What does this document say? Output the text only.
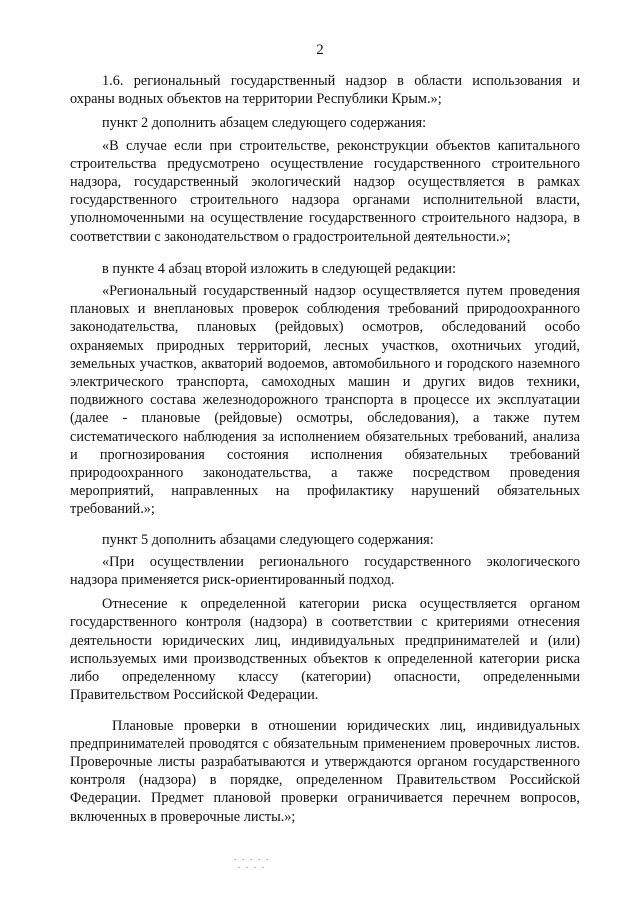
2

1.6. региональный государственный надзор в области использования и охраны водных объектов на территории Республики Крым.»;

пункт 2 дополнить абзацем следующего содержания:

«В случае если при строительстве, реконструкции объектов капитального строительства предусмотрено осуществление государственного строительного надзора, государственный экологический надзор осуществляется в рамках государственного строительного надзора органами исполнительной власти, уполномоченными на осуществление государственного строительного надзора, в соответствии с законодательством о градостроительной деятельности.»;

в пункте 4 абзац второй изложить в следующей редакции:

«Региональный государственный надзор осуществляется путем проведения плановых и внеплановых проверок соблюдения требований природоохранного законодательства, плановых (рейдовых) осмотров, обследований особо охраняемых природных территорий, лесных участков, охотничьих угодий, земельных участков, акваторий водоемов, автомобильного и городского наземного электрического транспорта, самоходных машин и других видов техники, подвижного состава железнодорожного транспорта в процессе их эксплуатации (далее - плановые (рейдовые) осмотры, обследования), а также путем систематического наблюдения за исполнением обязательных требований, анализа и прогнозирования состояния исполнения обязательных требований природоохранного законодательства, а также посредством проведения мероприятий, направленных на профилактику нарушений обязательных требований.»;

пункт 5 дополнить абзацами следующего содержания:

«При осуществлении регионального государственного экологического надзора применяется риск-ориентированный подход.

Отнесение к определенной категории риска осуществляется органом государственного контроля (надзора) в соответствии с критериями отнесения деятельности юридических лиц, индивидуальных предпринимателей и (или) используемых ими производственных объектов к определенной категории риска либо определенному классу (категории) опасности, определенными Правительством Российской Федерации.

Плановые проверки в отношении юридических лиц, индивидуальных предпринимателей проводятся с обязательным применением проверочных листов. Проверочные листы разрабатываются и утверждаются органом государственного контроля (надзора) в порядке, определенном Правительством Российской Федерации. Предмет плановой проверки ограничивается перечнем вопросов, включенных в проверочные листы.»;
